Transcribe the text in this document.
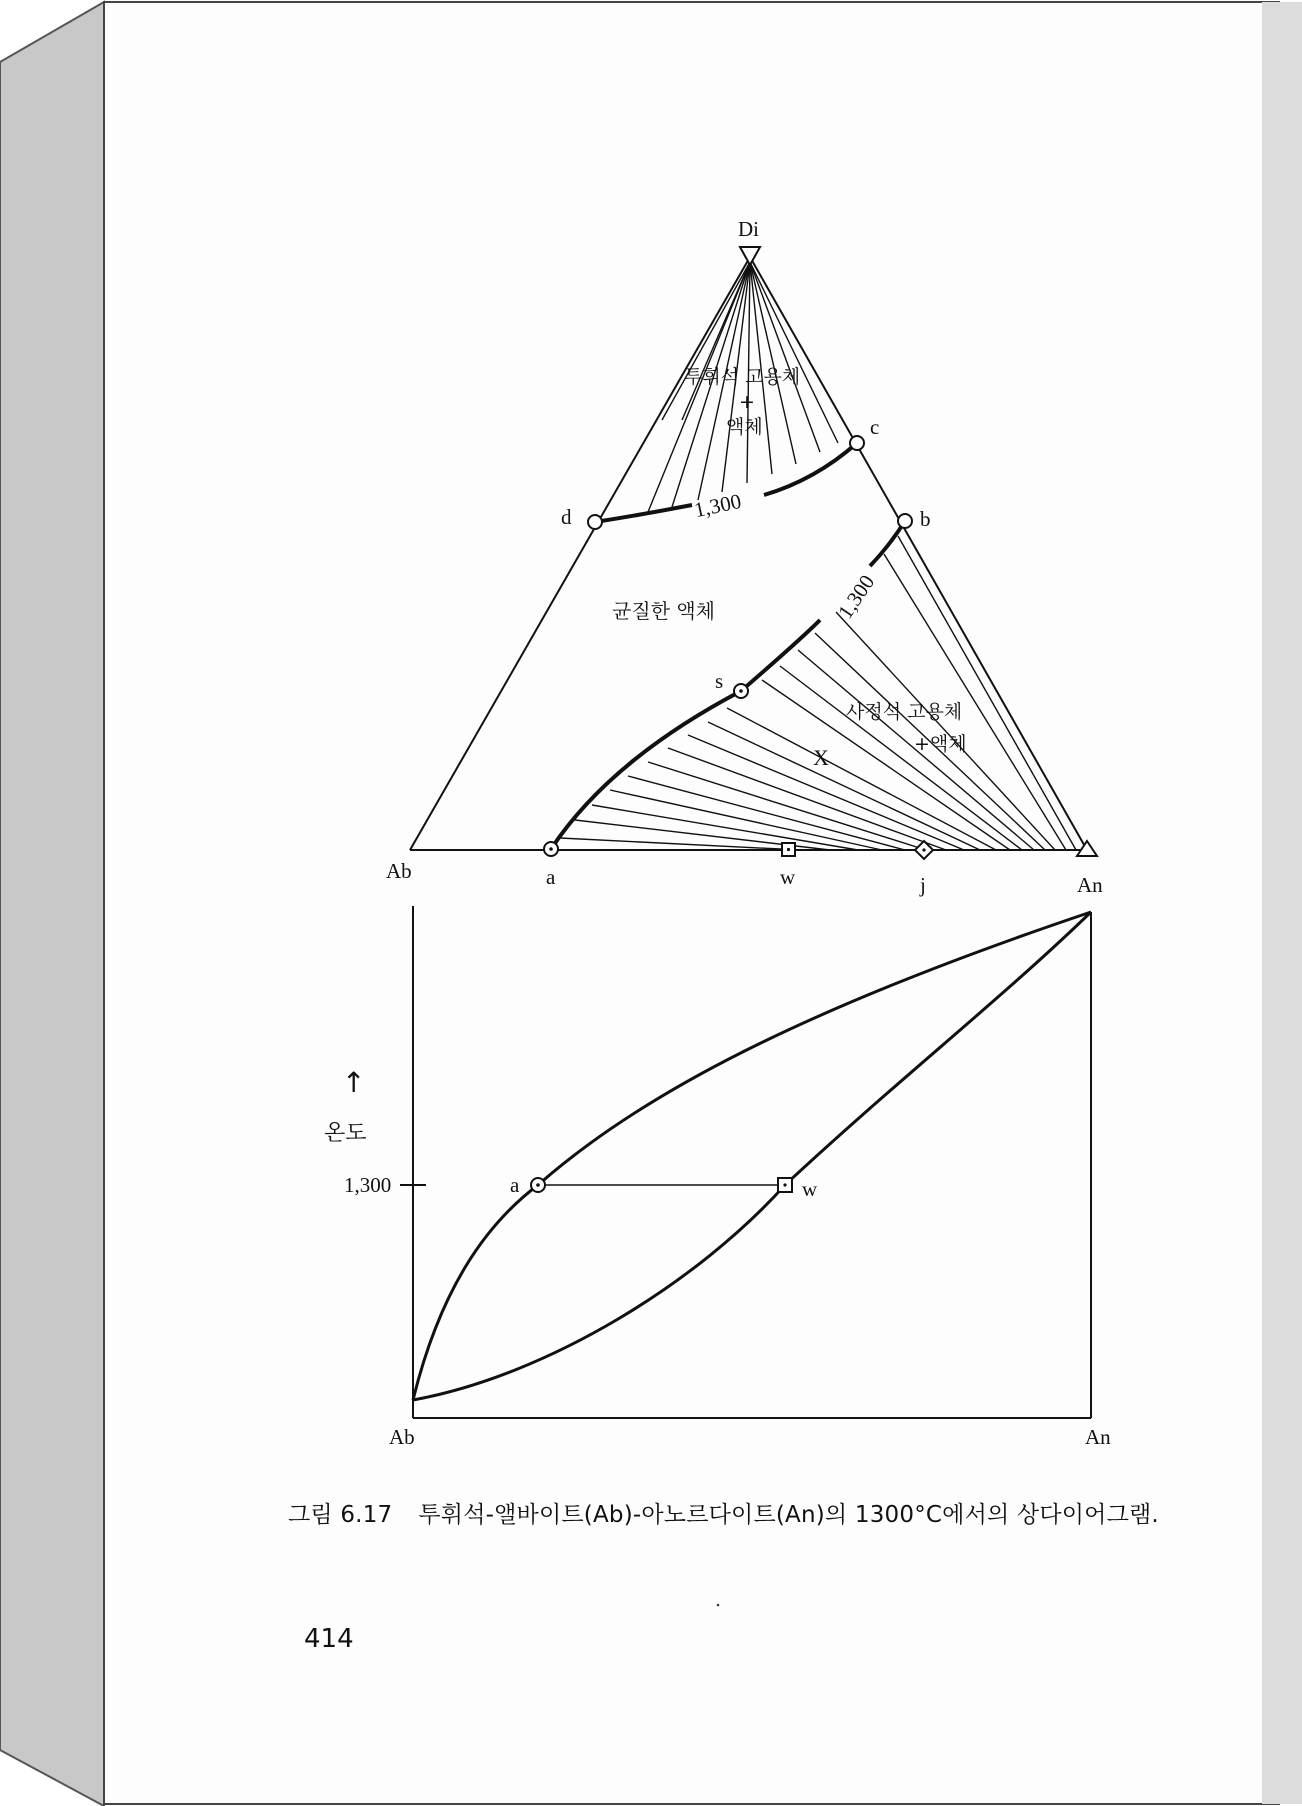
Di
Ab
An
d
c
b
s
a	w	j
X
1,300
1,300
투휘석 고용체
+
액체
균질한 액체
사정석 고용체
+액체
↑
온도
1,300	a	w
Ab	An
그림 6.17 투휘석-앨바이트(Ab)-아노르다이트(An)의 1300°C에서의 상다이어그램.
414
